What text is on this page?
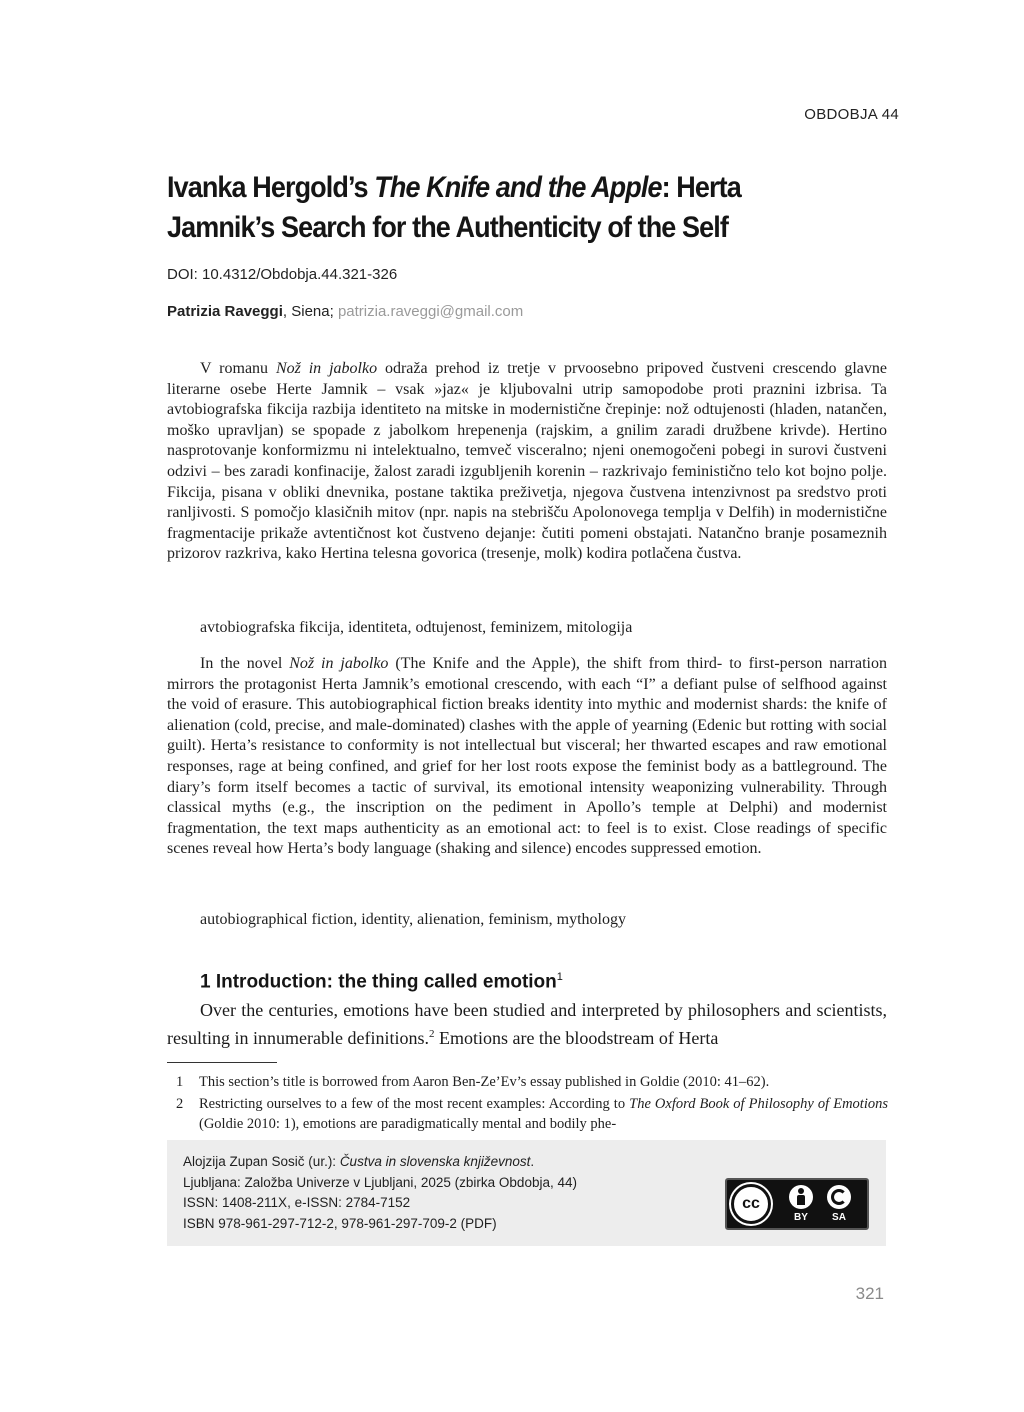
OBDOBJA 44
Ivanka Hergold’s The Knife and the Apple: Herta Jamnik’s Search for the Authenticity of the Self
DOI: 10.4312/Obdobja.44.321-326
Patrizia Raveggi, Siena; patrizia.raveggi@gmail.com

V romanu Nož in jabolko odraža prehod iz tretje v prvoosebno pripoved čustveni crescendo glavne literarne osebe Herte Jamnik – vsak »jaz« je kljubovalni utrip samopodobe proti praznini izbrisa. Ta avtobiografska fikcija razbija identiteto na mitske in modernistične črepinje: nož odtujenosti (hladen, natančen, moško upravljan) se spopade z jabolkom hrepenenja (rajskim, a gnilim zaradi družbene krivde). Hertino nasprotovanje konformizmu ni intelektualno, temveč visceralno; njeni onemogočeni pobegi in surovi čustveni odzivi – bes zaradi konfinacije, žalost zaradi izgubljenih korenin – razkrivajo feministično telo kot bojno polje. Fikcija, pisana v obliki dnevnika, postane taktika preživetja, njegova čustvena intenzivnost pa sredstvo proti ranljivosti. S pomočjo klasičnih mitov (npr. napis na stebrišču Apolonovega templja v Delfih) in modernistične fragmentacije prikaže avtentičnost kot čustveno dejanje: čutiti pomeni obstajati. Natančno branje posameznih prizorov razkriva, kako Hertina telesna govorica (tresenje, molk) kodira potlačena čustva.

avtobiografska fikcija, identiteta, odtujenost, feminizem, mitologija

In the novel Nož in jabolko (The Knife and the Apple), the shift from third- to first-person narration mirrors the protagonist Herta Jamnik’s emotional crescendo, with each “I” a defiant pulse of selfhood against the void of erasure. This autobiographical fiction breaks identity into mythic and modernist shards: the knife of alienation (cold, precise, and male-dominated) clashes with the apple of yearning (Edenic but rotting with social guilt). Herta’s resistance to conformity is not intellectual but visceral; her thwarted escapes and raw emotional responses, rage at being confined, and grief for her lost roots expose the feminist body as a battleground. The diary’s form itself becomes a tactic of survival, its emotional intensity weaponizing vulnerability. Through classical myths (e.g., the inscription on the pediment in Apollo’s temple at Delphi) and modernist fragmentation, the text maps authenticity as an emotional act: to feel is to exist. Close readings of specific scenes reveal how Herta’s body language (shaking and silence) encodes suppressed emotion.

autobiographical fiction, identity, alienation, feminism, mythology
1 Introduction: the thing called emotion$^1$

Over the centuries, emotions have been studied and interpreted by philosophers and scientists, resulting in innumerable definitions.$^2$ Emotions are the bloodstream of Herta

1 This section’s title is borrowed from Aaron Ben-Ze’Ev’s essay published in Goldie (2010: 41–62).
2 Restricting ourselves to a few of the most recent examples: According to The Oxford Book of Philosophy of Emotions (Goldie 2010: 1), emotions are paradigmatically mental and bodily phe-
Alojzija Zupan Sosič (ur.): Čustva in slovenska književnost.
Ljubljana: Založba Univerze v Ljubljani, 2025 (zbirka Obdobja, 44)
ISSN: 1408-211X, e-ISSN: 2784-7152
ISBN 978-961-297-712-2, 978-961-297-709-2 (PDF)
cc
BY	SA
321
